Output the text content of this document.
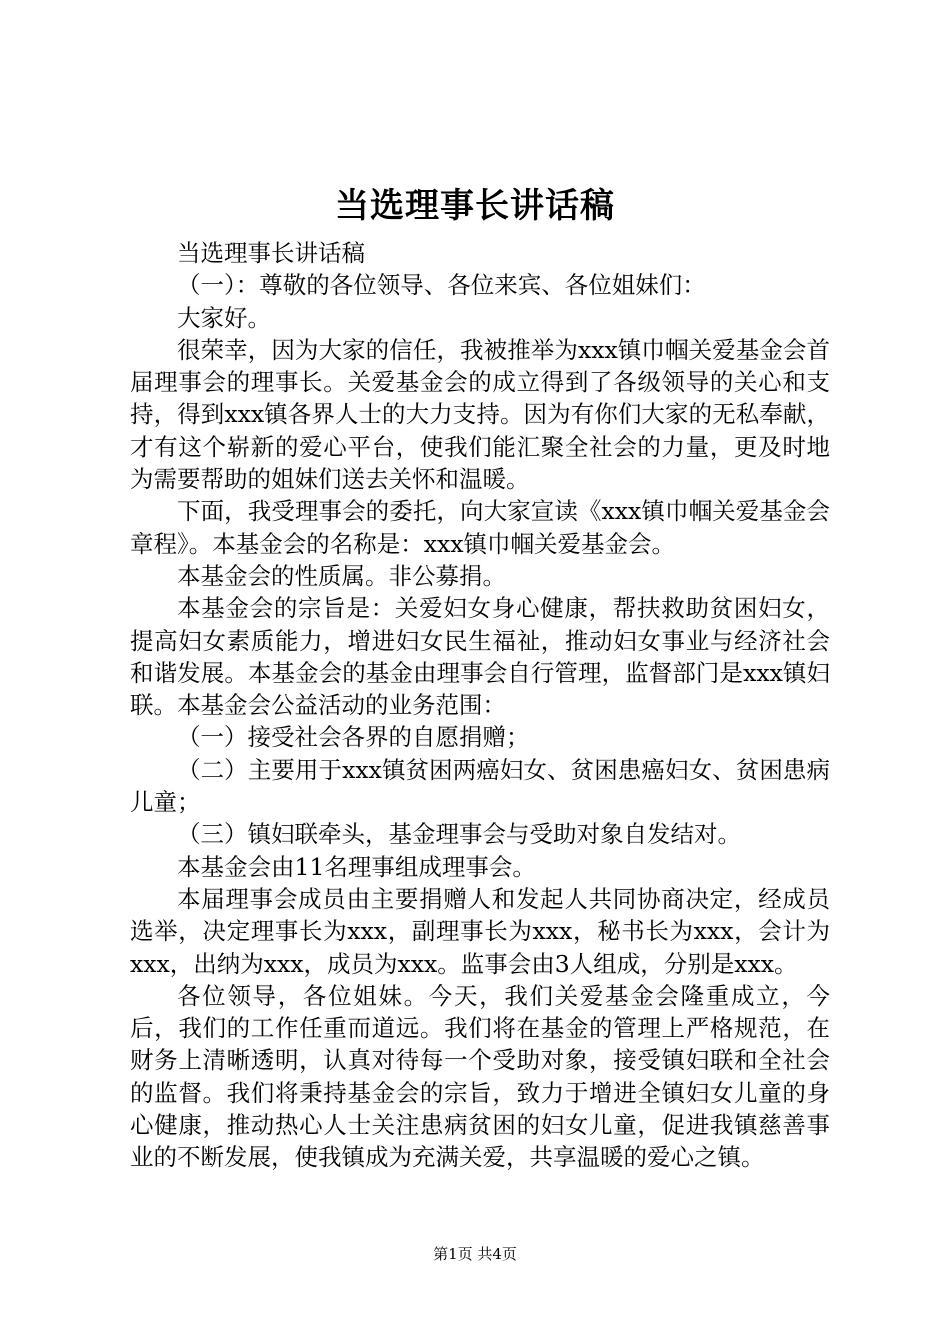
当选理事长讲话稿

当选理事长讲话稿

（一）：尊敬的各位领导、各位来宾、各位姐妹们：

大家好。

很荣幸，因为大家的信任，我被推举为xxx镇巾帼关爱基金会首届理事会的理事长。关爱基金会的成立得到了各级领导的关心和支持，得到xxx镇各界人士的大力支持。因为有你们大家的无私奉献，才有这个崭新的爱心平台，使我们能汇聚全社会的力量，更及时地为需要帮助的姐妹们送去关怀和温暖。

下面，我受理事会的委托，向大家宣读《xxx镇巾帼关爱基金会章程》。本基金会的名称是：xxx镇巾帼关爱基金会。

本基金会的性质属。非公募捐。

本基金会的宗旨是：关爱妇女身心健康，帮扶救助贫困妇女，提高妇女素质能力，增进妇女民生福祉，推动妇女事业与经济社会和谐发展。本基金会的基金由理事会自行管理，监督部门是xxx镇妇联。本基金会公益活动的业务范围：

（一）接受社会各界的自愿捐赠；

（二）主要用于xxx镇贫困两癌妇女、贫困患癌妇女、贫困患病儿童；

（三）镇妇联牵头，基金理事会与受助对象自发结对。

本基金会由11名理事组成理事会。

本届理事会成员由主要捐赠人和发起人共同协商决定，经成员选举，决定理事长为xxx，副理事长为xxx，秘书长为xxx，会计为xxx，出纳为xxx，成员为xxx。监事会由3人组成，分别是xxx。

各位领导，各位姐妹。今天，我们关爱基金会隆重成立，今后，我们的工作任重而道远。我们将在基金的管理上严格规范，在财务上清晰透明，认真对待每一个受助对象，接受镇妇联和全社会的监督。我们将秉持基金会的宗旨，致力于增进全镇妇女儿童的身心健康，推动热心人士关注患病贫困的妇女儿童，促进我镇慈善事业的不断发展，使我镇成为充满关爱，共享温暖的爱心之镇。

第1页 共4页
